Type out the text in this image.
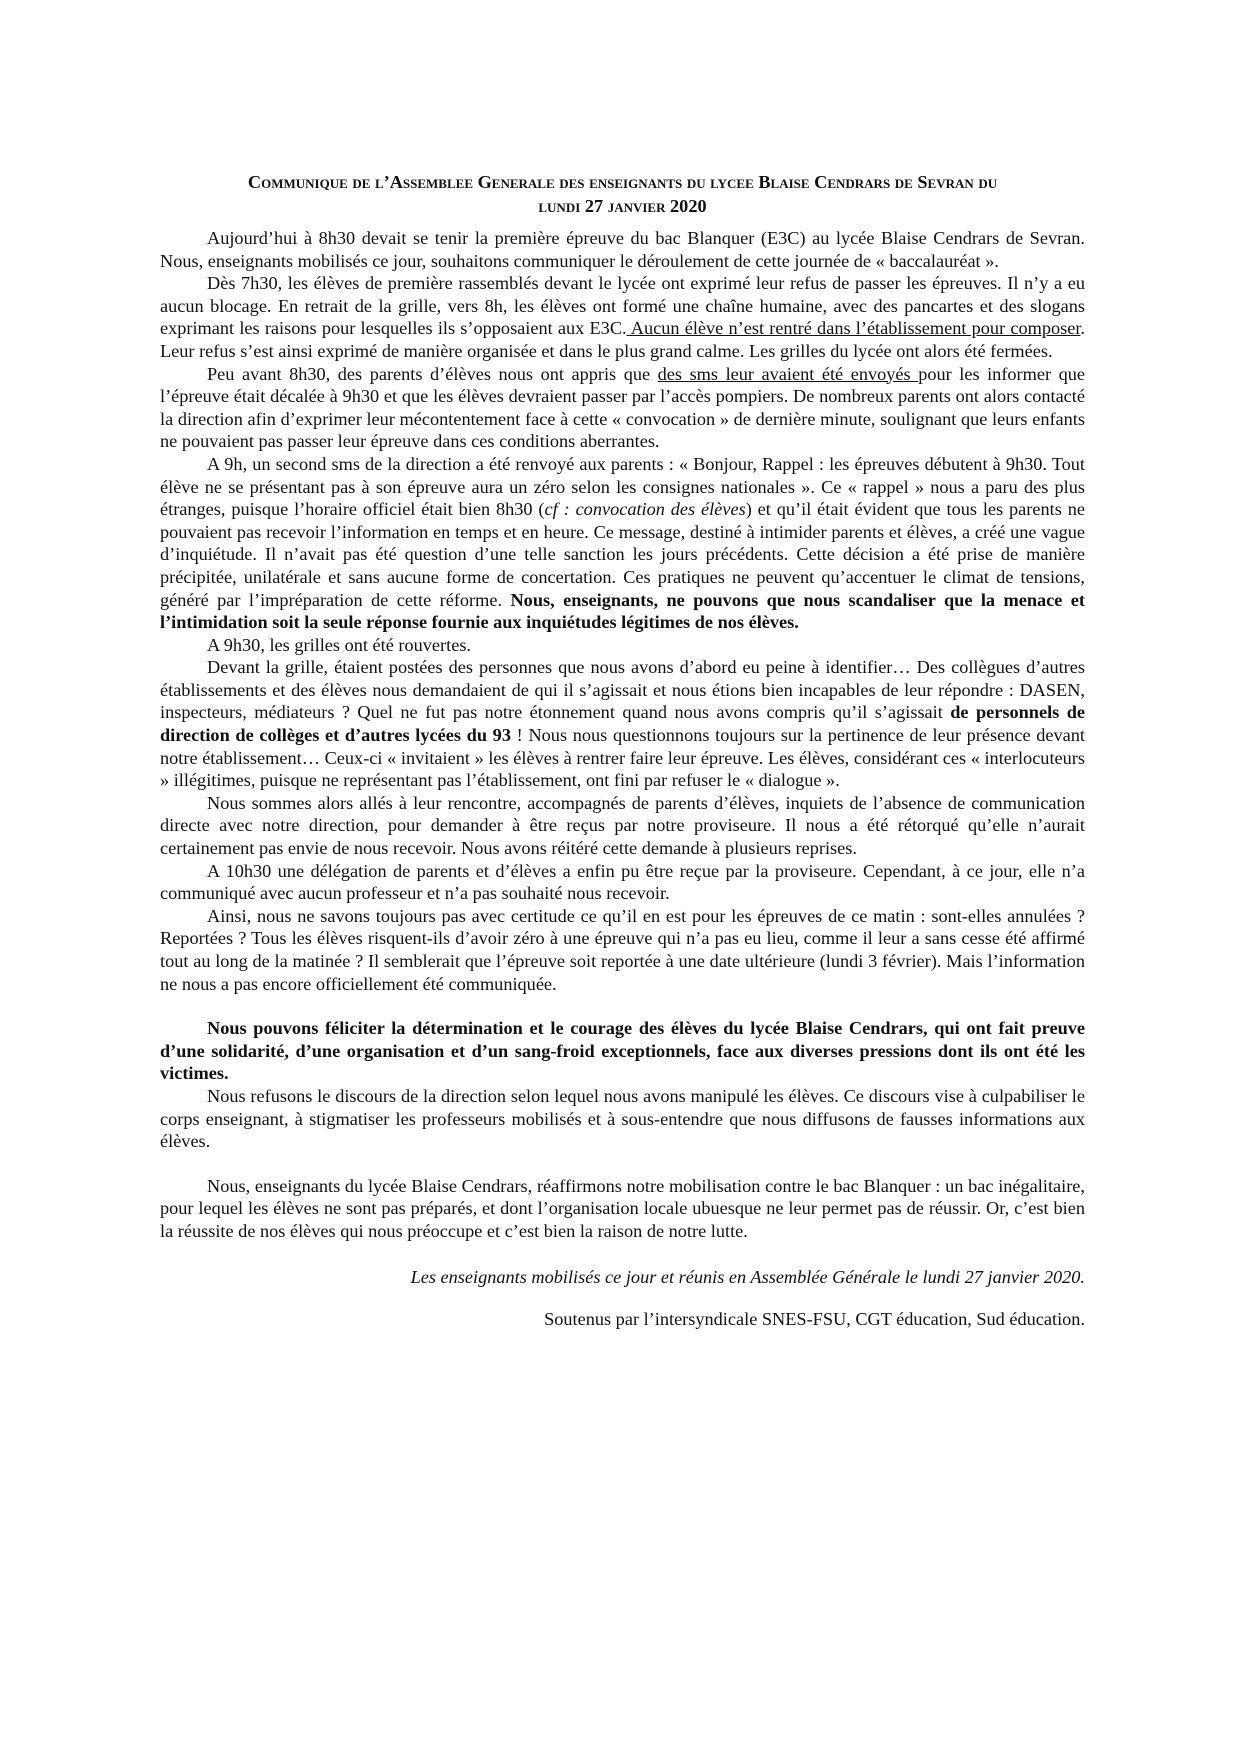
Communique de l’Assemblee Generale des enseignants du lycee Blaise Cendrars de Sevran du
lundi 27 janvier 2020

Aujourd’hui à 8h30 devait se tenir la première épreuve du bac Blanquer (E3C) au lycée Blaise Cendrars de Sevran. Nous, enseignants mobilisés ce jour, souhaitons communiquer le déroulement de cette journée de « baccalauréat ».

Dès 7h30, les élèves de première rassemblés devant le lycée ont exprimé leur refus de passer les épreuves. Il n’y a eu aucun blocage. En retrait de la grille, vers 8h, les élèves ont formé une chaîne humaine, avec des pancartes et des slogans exprimant les raisons pour lesquelles ils s’opposaient aux E3C. Aucun élève n’est rentré dans l’établissement pour composer. Leur refus s’est ainsi exprimé de manière organisée et dans le plus grand calme. Les grilles du lycée ont alors été fermées.

Peu avant 8h30, des parents d’élèves nous ont appris que des sms leur avaient été envoyés pour les informer que l’épreuve était décalée à 9h30 et que les élèves devraient passer par l’accès pompiers. De nombreux parents ont alors contacté la direction afin d’exprimer leur mécontentement face à cette « convocation » de dernière minute, soulignant que leurs enfants ne pouvaient pas passer leur épreuve dans ces conditions aberrantes.

A 9h, un second sms de la direction a été renvoyé aux parents : « Bonjour, Rappel : les épreuves débutent à 9h30. Tout élève ne se présentant pas à son épreuve aura un zéro selon les consignes nationales ». Ce « rappel » nous a paru des plus étranges, puisque l’horaire officiel était bien 8h30 (cf : convocation des élèves) et qu’il était évident que tous les parents ne pouvaient pas recevoir l’information en temps et en heure. Ce message, destiné à intimider parents et élèves, a créé une vague d’inquiétude. Il n’avait pas été question d’une telle sanction les jours précédents. Cette décision a été prise de manière précipitée, unilatérale et sans aucune forme de concertation. Ces pratiques ne peuvent qu’accentuer le climat de tensions, généré par l’impréparation de cette réforme. Nous, enseignants, ne pouvons que nous scandaliser que la menace et l’intimidation soit la seule réponse fournie aux inquiétudes légitimes de nos élèves.

A 9h30, les grilles ont été rouvertes.

Devant la grille, étaient postées des personnes que nous avons d’abord eu peine à identifier… Des collègues d’autres établissements et des élèves nous demandaient de qui il s’agissait et nous étions bien incapables de leur répondre : DASEN, inspecteurs, médiateurs ? Quel ne fut pas notre étonnement quand nous avons compris qu’il s’agissait de personnels de direction de collèges et d’autres lycées du 93 ! Nous nous questionnons toujours sur la pertinence de leur présence devant notre établissement… Ceux-ci « invitaient » les élèves à rentrer faire leur épreuve. Les élèves, considérant ces « interlocuteurs » illégitimes, puisque ne représentant pas l’établissement, ont fini par refuser le « dialogue ».

Nous sommes alors allés à leur rencontre, accompagnés de parents d’élèves, inquiets de l’absence de communication directe avec notre direction, pour demander à être reçus par notre proviseure. Il nous a été rétorqué qu’elle n’aurait certainement pas envie de nous recevoir. Nous avons réitéré cette demande à plusieurs reprises.

A 10h30 une délégation de parents et d’élèves a enfin pu être reçue par la proviseure. Cependant, à ce jour, elle n’a communiqué avec aucun professeur et n’a pas souhaité nous recevoir.

Ainsi, nous ne savons toujours pas avec certitude ce qu’il en est pour les épreuves de ce matin : sont-elles annulées ? Reportées ? Tous les élèves risquent-ils d’avoir zéro à une épreuve qui n’a pas eu lieu, comme il leur a sans cesse été affirmé tout au long de la matinée ? Il semblerait que l’épreuve soit reportée à une date ultérieure (lundi 3 février). Mais l’information ne nous a pas encore officiellement été communiquée.

Nous pouvons féliciter la détermination et le courage des élèves du lycée Blaise Cendrars, qui ont fait preuve d’une solidarité, d’une organisation et d’un sang-froid exceptionnels, face aux diverses pressions dont ils ont été les victimes.

Nous refusons le discours de la direction selon lequel nous avons manipulé les élèves. Ce discours vise à culpabiliser le corps enseignant, à stigmatiser les professeurs mobilisés et à sous-entendre que nous diffusons de fausses informations aux élèves.

Nous, enseignants du lycée Blaise Cendrars, réaffirmons notre mobilisation contre le bac Blanquer : un bac inégalitaire, pour lequel les élèves ne sont pas préparés, et dont l’organisation locale ubuesque ne leur permet pas de réussir. Or, c’est bien la réussite de nos élèves qui nous préoccupe et c’est bien la raison de notre lutte.

Les enseignants mobilisés ce jour et réunis en Assemblée Générale le lundi 27 janvier 2020.

Soutenus par l’intersyndicale SNES-FSU, CGT éducation, Sud éducation.
